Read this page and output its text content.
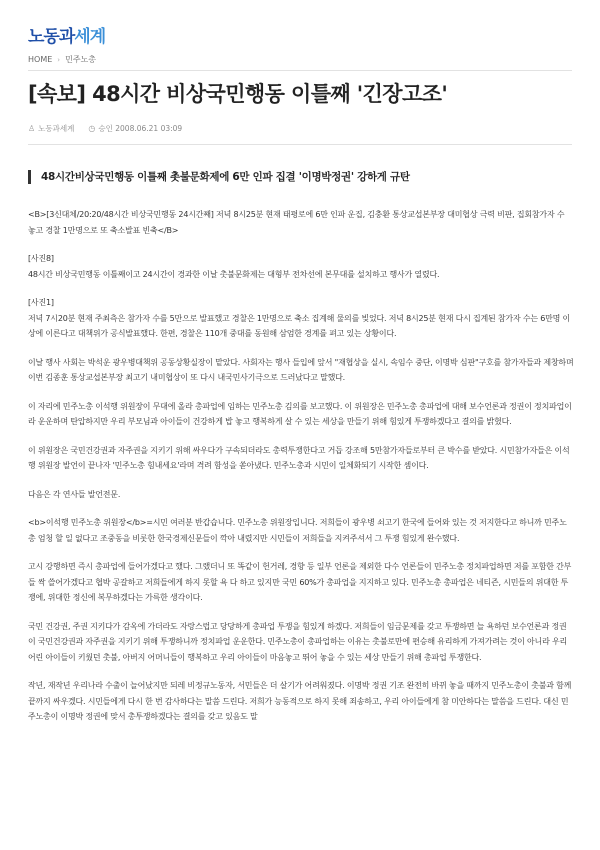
노동과세계
HOME › 민주노총
[속보] 48시간 비상국민행동 이틀째 '긴장고조'
♙ 노동과세계 ◷ 승인 2008.06.21 03:09
48시간비상국민행동 이틀째 촛불문화제에 6만 인파 집결 '이명박정권' 강하게 규탄

<B>[3신대체/20:20/48시간 비상국민행동 24시간째] 저녁 8시25분 현재 태평로에 6만 인파 운집, 김충환 통상교섭본부장 대미협상 극력 비판, 집회참가자 수 놓고 경찰 1만명으로 또 축소발표 빈축</B>

[사진8]
48시간 비상국민행동 이틀째이고 24시간이 경과한 이날 촛불문화제는 대형부 전차선에 본무대를 설치하고 행사가 열렸다.

[사진1]
저녁 7시20분 현재 주최측은 참가자 수를 5만으로 발표했고 경찰은 1만명으로 축소 집계해 물의를 빚었다. 저녁 8시25분 현재 다시 집계된 참가자 수는 6만명 이상에 이른다고 대책위가 공식발표했다. 한편, 경찰은 110개 중대를 동원해 삼엄한 경계를 펴고 있는 상황이다.

이날 행사 사회는 박석운 광우병대책위 공동상황실장이 맡았다. 사회자는 행사 들입에 앞서 "재협상을 실시, 속임수 중단, 이명박 심판"구호를 참가자들과 제창하며 이번 김종훈 통상교섭본부장 최고기 내미협상이 또 다시 내국민사기극으로 드러났다고 말했다.

이 자리에 민주노총 이석행 위원장이 무대에 올라 총파업에 임하는 민주노총 김의를 보고했다. 이 위원장은 민주노총 총파업에 대해 보수언론과 정권이 정치파업이라 운운하며 탄압하지만 우리 부모님과 아이들이 건강하게 밥 놓고 행복하게 살 수 있는 세상을 만들기 위해 힘있게 투쟁하겠다고 결의를 밝혔다.

이 위원장은 국민건강권과 자주권을 지키기 위해 싸우다가 구속되더라도 총력투쟁한다고 거듭 강조해 5만참가자들로부터 큰 박수를 받았다. 시민참가자들은 이석행 위원장 발언이 끝나자 '민주노총 힘내세요'라며 격려 함성을 쏟아냈다. 민주노총과 시민이 일체화되기 시작한 셈이다.

다음은 각 연사들 발언전문.

<b>이석행 민주노총 위원장</b>=시민 여러분 반갑습니다. 민주노총 위원장입니다. 저희들이 광우병 쇠고기 한국에 들어와 있는 것 저지한다고 하니까 민주노총 엄청 할 일 없다고 조중동을 비롯한 한국경제신문들이 깍아 내렸지만 시민들이 저희들을 지켜주셔서 그 투쟁 힘있게 완수했다.

고시 강행하면 즉시 총파업에 들어가겠다고 했다. 그랬더니 또 똑같이 헌거레, 경향 등 일부 언론을 제외한 다수 언론들이 민주노총 정치파업하면 저를 포함한 간부들 싹 쓸어가겠다고 협박 공갈하고 저희들에게 하지 못할 욕 다 하고 있지만 국민 60%가 총파업을 지지하고 있다. 민주노총 총파업은 네티즌, 시민들의 위대한 투쟁에, 위대한 정신에 복무하겠다는 가륵한 생각이다.

국민 건강권, 주권 지키다가 감옥에 가더라도 자랑스럽고 당당하게 총파업 투쟁을 힘있게 하겠다. 저희들이 임금문제를 갖고 투쟁하면 늘 욕하던 보수언론과 정권이 국민건강권과 자주권을 지키기 위해 투쟁하니까 정치파업 운운한다. 민주노총이 총파업하는 이유는 촛불로만에 편승해 유리하게 가져가려는 것이 아니라 우리 어린 아이들이 키웠던 촛불, 아버지 어머니들이 행복하고 우리 아이들이 마음놓고 뛰어 놓을 수 있는 세상 만들기 위해 총파업 투쟁한다.

작년, 재작년 우리나라 수출이 늘어났지만 되레 비정규노동자, 서민들은 더 살기가 어려워졌다. 이명박 정권 기조 완전히 바뀌 놓을 때까지 민주노총이 촛불과 함께 끝까지 싸우겠다. 시민들에게 다시 한 번 감사하다는 말씀 드린다. 저희가 능동적으로 하지 못해 죄송하고, 우리 아이들에게 참 미안하다는 말씀을 드린다. 대신 민주노총이 이명박 정권에 맞서 총투쟁하겠다는 결의를 갖고 있음도 말
